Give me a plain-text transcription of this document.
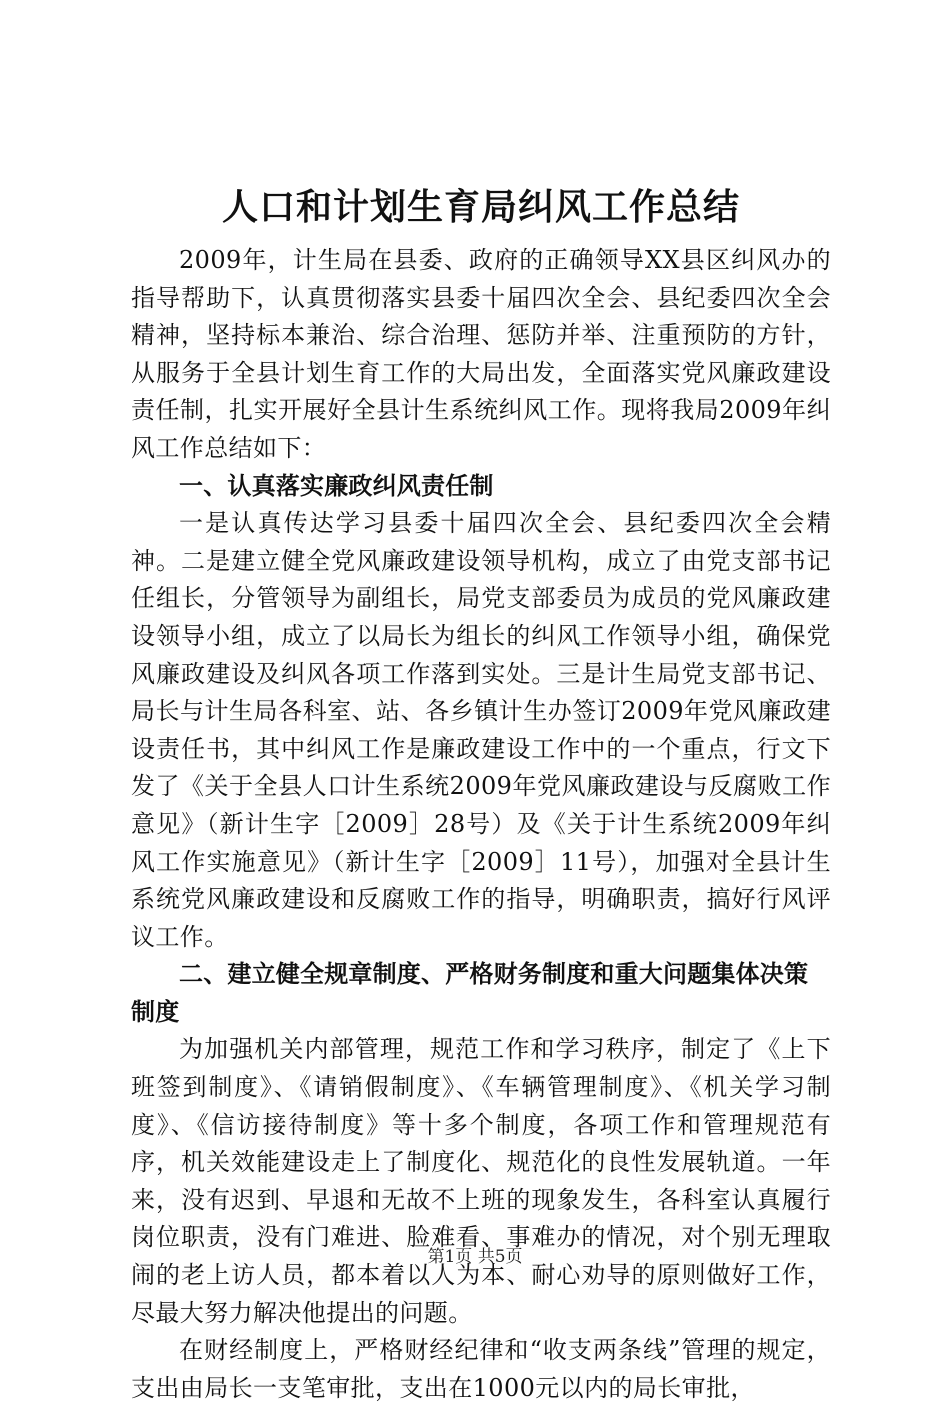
人口和计划生育局纠风工作总结

2009年，计生局在县委、政府的正确领导XX县区纠风办的指导帮助下，认真贯彻落实县委十届四次全会、县纪委四次全会精神，坚持标本兼治、综合治理、惩防并举、注重预防的方针，从服务于全县计划生育工作的大局出发，全面落实党风廉政建设责任制，扎实开展好全县计生系统纠风工作。现将我局2009年纠风工作总结如下：

一、认真落实廉政纠风责任制

一是认真传达学习县委十届四次全会、县纪委四次全会精神。二是建立健全党风廉政建设领导机构，成立了由党支部书记任组长，分管领导为副组长，局党支部委员为成员的党风廉政建设领导小组，成立了以局长为组长的纠风工作领导小组，确保党风廉政建设及纠风各项工作落到实处。三是计生局党支部书记、局长与计生局各科室、站、各乡镇计生办签订2009年党风廉政建设责任书，其中纠风工作是廉政建设工作中的一个重点，行文下发了《关于全县人口计生系统2009年党风廉政建设与反腐败工作意见》（新计生字［2009］28号）及《关于计生系统2009年纠风工作实施意见》（新计生字［2009］11号），加强对全县计生系统党风廉政建设和反腐败工作的指导，明确职责，搞好行风评议工作。

二、建立健全规章制度、严格财务制度和重大问题集体决策制度

为加强机关内部管理，规范工作和学习秩序，制定了《上下班签到制度》、《请销假制度》、《车辆管理制度》、《机关学习制度》、《信访接待制度》等十多个制度，各项工作和管理规范有序，机关效能建设走上了制度化、规范化的良性发展轨道。一年来，没有迟到、早退和无故不上班的现象发生，各科室认真履行岗位职责，没有门难进、脸难看、事难办的情况，对个别无理取闹的老上访人员，都本着以人为本、耐心劝导的原则做好工作，尽最大努力解决他提出的问题。

在财经制度上，严格财经纪律和“收支两条线”管理的规定，支出由局长一支笔审批，支出在1000元以内的局长审批，

第1页 共5页
